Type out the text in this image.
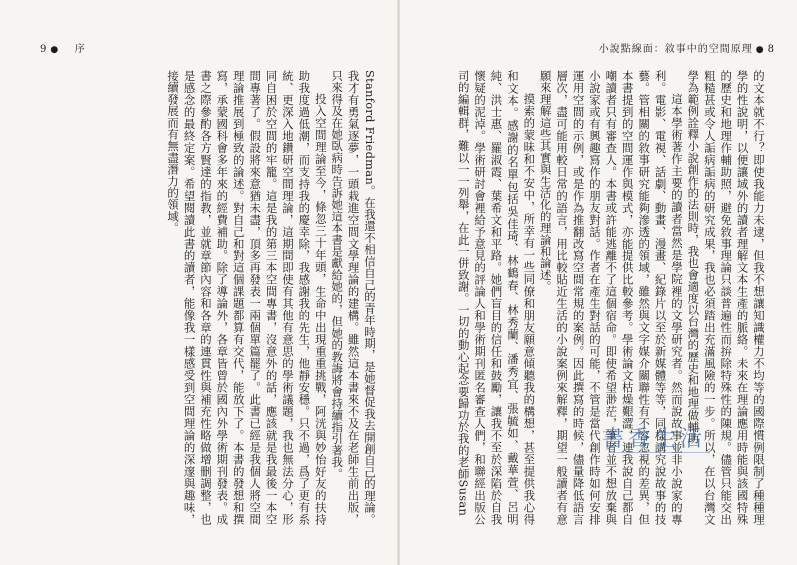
9 ● 序

Stanford Friedman。在我還不相信自己的青年時期，是她督促我去開創自己的理論。我才有勇氣逐夢，一頭栽進空間文學理論的建構。雖然這本書來不及在老師生前出版，只來得及在她臥病時告訴她這本書是獻給她的，但她的教誨將會持續指引著我。

投入空間理論至今，條忽三十年頭，生命中出現重重挑戰，阿洸與妙怡好友的扶持助我度過低潮，而支持我的慶幸除，我感謝我的先生，他靜安穩。只不過，爲了更有系統、更深入地鑽研空間理論，這期間即使有其他有意思的學術議題，我也無法分心，形同自困於空間的牢籠。這是我的第三本空間專書，沒意外的話，應該就是我最後一本空間專著了。假設將來意猶未盡，頂多再發表一兩個單篇罷了。此書已經是我個人將空間理論推展到極致的論述。對自己和對這個課題都算有交代，能放下了。本書的發想和撰寫，承蒙國科會多年來的經費補助。除了導論外，各章皆曾於國內外學術期刊發表。成書之際參酌各方賢達的指教，並就章節內容和各章的連貫性與補充性略做增刪調整，也是感念的最終定案。希望閱讀此書的讀者，能像我一樣感受到空間理論的深邃與趣味，接續發展而有無盡潛力的領域。

小說點線面：敘事中的空間原理 ● 8

的文本就不行？即使我能力未逮，但我不想讓知識權力不均等的國際慣例限制了種種理學的性說明，以便讓域外的讀者理解文本生產的脈絡。未來在理論應用時能與該國特殊的歷史和地理作輔助照，避免敘事理論只談普遍性而拚除特殊性的陳規。儘管只能交出粗糙甚或令人詬病詬病的研究成果，我也必須踏出充滿風險的一步。所以，在以台灣文學為範例詮釋小說創作的法則時，我也會適度以台灣的歷史和地理做輔助

這本學術著作主要的讀者當然是學院裡的文學研究者。然而說故事並非小說家的專利。電影、電視、話劇、動畫、漫畫、紀錄片以至於新媒體等等，同樣講究說故事的技藝。管相關的敘事研究能夠滲透的領域，雖然與文字媒介關聯性有不容忽視的差異，但本書提到的空間運作與模式，亦能提供比較參考。學術論文枯燥艱澀，連我說自己都自嘲讀者只有審查人。本書或許能逃離不了這個宿命。即使希望渺茫，筆者並不想放棄與小說家或有興趣寫作的朋友對話。作者在產生對話的可能，不管是當代創作時如何安排運用空間的示例，或是作為推翻改寫空間常規的案例。因此撰寫的時候，儘量降低語言層次，盡可能用較日常的語言，用比較貼近生活的小說案例來解釋，期望一般讀者有意願來理解這些其實與生活化的理論和論述。

摸索的蒙昧和不安中，所幸有一些同僚和朋友願意傾聽我的構想，甚至提供我心得和文本。感謝的名單包括吳佳琦、林鶴春、林秀蘭、潘秀宜、張毓如、戴華萱、呂明純、洪士惠、羅淑霞、葉希文和平路。她們盲目的信任和鼓勵，讓我不至於深陷於自我懷疑的泥淖。學術研討會裡給予意見的評論人和學術期刊匿名審查人們，和聯經出版公司的編輯群，難以一一列舉，在此一併致謝。一切的動心起念要歸功於我的老師Susan	書香生活
